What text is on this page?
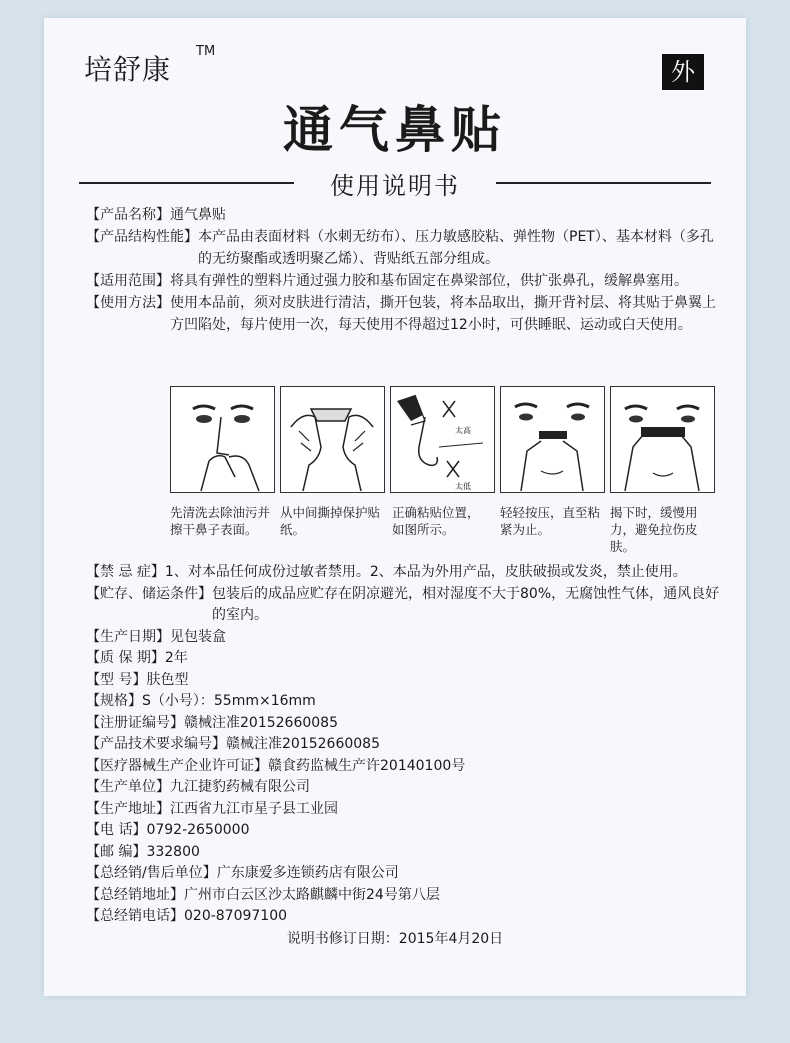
培舒康
TM
外
通气鼻贴
使用说明书
【产品名称】 通气鼻贴
【产品结构性能】 本产品由表面材料（水刺无纺布）、压力敏感胶粘、弹性物（PET）、基本材料（多孔的无纺聚酯或透明聚乙烯）、背贴纸五部分组成。
【适用范围】 将具有弹性的塑料片通过强力胶和基布固定在鼻梁部位，供扩张鼻孔，缓解鼻塞用。
【使用方法】 使用本品前，须对皮肤进行清洁，撕开包装，将本品取出，撕开背衬层、将其贴于鼻翼上方凹陷处，每片使用一次，每天使用不得超过12小时，可供睡眠、运动或白天使用。
太高
太低
先清洗去除油污并擦干鼻子表面。
从中间撕掉保护贴纸。
正确粘贴位置，如图所示。
轻轻按压，直至粘紧为止。
揭下时，缓慢用力，避免拉伤皮肤。
【禁 忌 症】 1、对本品任何成份过敏者禁用。2、本品为外用产品，皮肤破损或发炎，禁止使用。
【贮存、储运条件】 包装后的成品应贮存在阴凉避光，相对湿度不大于80%，无腐蚀性气体，通风良好的室内。
【生产日期】 见包装盒
【质 保 期】 2年
【型 号】 肤色型
【规格】 S（小号）：55mm×16mm
【注册证编号】 赣械注准20152660085
【产品技术要求编号】 赣械注准20152660085
【医疗器械生产企业许可证】 赣食药监械生产许20140100号
【生产单位】 九江捷豹药械有限公司
【生产地址】 江西省九江市星子县工业园
【电 话】 0792-2650000
【邮 编】 332800
【总经销/售后单位】 广东康爱多连锁药店有限公司
【总经销地址】 广州市白云区沙太路麒麟中街24号第八层
【总经销电话】 020-87097100
说明书修订日期：2015年4月20日
